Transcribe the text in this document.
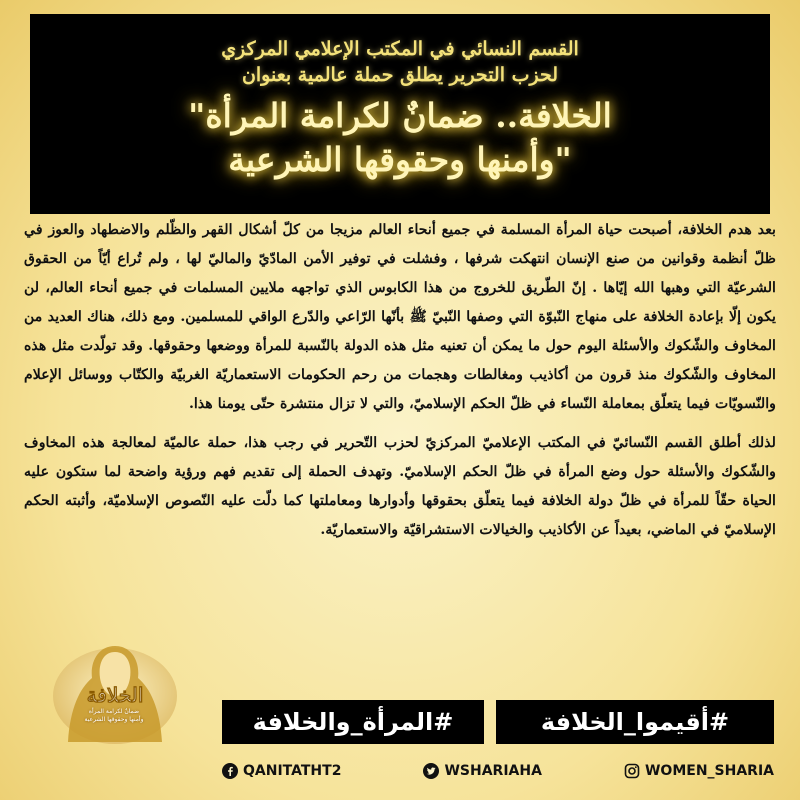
القسم النسائي في المكتب الإعلامي المركزي

لحزب التحرير يطلق حملة عالمية بعنوان

"الخلافة.. ضمانٌ لكرامة المرأة

وأمنها وحقوقها الشرعية"

بعد هدم الخلافة، أصبحت حياة المرأة المسلمة في جميع أنحاء العالم مزيجا من كلّ أشكال القهر والظّلم والاضطهاد والعوز في ظلّ أنظمة وقوانين من صنع الإنسان انتهكت شرفها ، وفشلت في توفير الأمن المادّيّ والماليّ لها ، ولم تُراع أيّاً من الحقوق الشرعيّة التي وهبها الله إيّاها . إنّ الطّريق للخروج من هذا الكابوس الذي تواجهه ملايين المسلمات في جميع أنحاء العالم، لن يكون إلّا بإعادة الخلافة على منهاج النّبوّة التي وصفها النّبيّ ﷺ بأنّها الرّاعي والدّرع الواقي للمسلمين. ومع ذلك، هناك العديد من المخاوف والشّكوك والأسئلة اليوم حول ما يمكن أن تعنيه مثل هذه الدولة بالنّسبة للمرأة ووضعها وحقوقها. وقد تولّدت مثل هذه المخاوف والشّكوك منذ قرون من أكاذيب ومغالطات وهجمات من رحم الحكومات الاستعماريّة الغربيّة والكتّاب ووسائل الإعلام والنّسويّات فيما يتعلّق بمعاملة النّساء في ظلّ الحكم الإسلاميّ، والتي لا تزال منتشرة حتّى يومنا هذا.

لذلك أطلق القسم النّسائيّ في المكتب الإعلاميّ المركزيّ لحزب التّحرير في رجب هذا، حملة عالميّة لمعالجة هذه المخاوف والشّكوك والأسئلة حول وضع المرأة في ظلّ الحكم الإسلاميّ. وتهدف الحملة إلى تقديم فهم ورؤية واضحة لما ستكون عليه الحياة حقّاً للمرأة في ظلّ دولة الخلافة فيما يتعلّق بحقوقها وأدوارها ومعاملتها كما دلّت عليه النّصوص الإسلاميّة، وأثبته الحكم الإسلاميّ في الماضي، بعيداً عن الأكاذيب والخيالات الاستشراقيّة والاستعماريّة.

الخلافة
ضمانٌ لكرامة المرأة
وأمنها وحقوقها الشرعية	#أقيموا_الخلافة
#المرأة_والخلافة
QANITATHT2	WSHARIAHA	WOMEN_SHARIA
